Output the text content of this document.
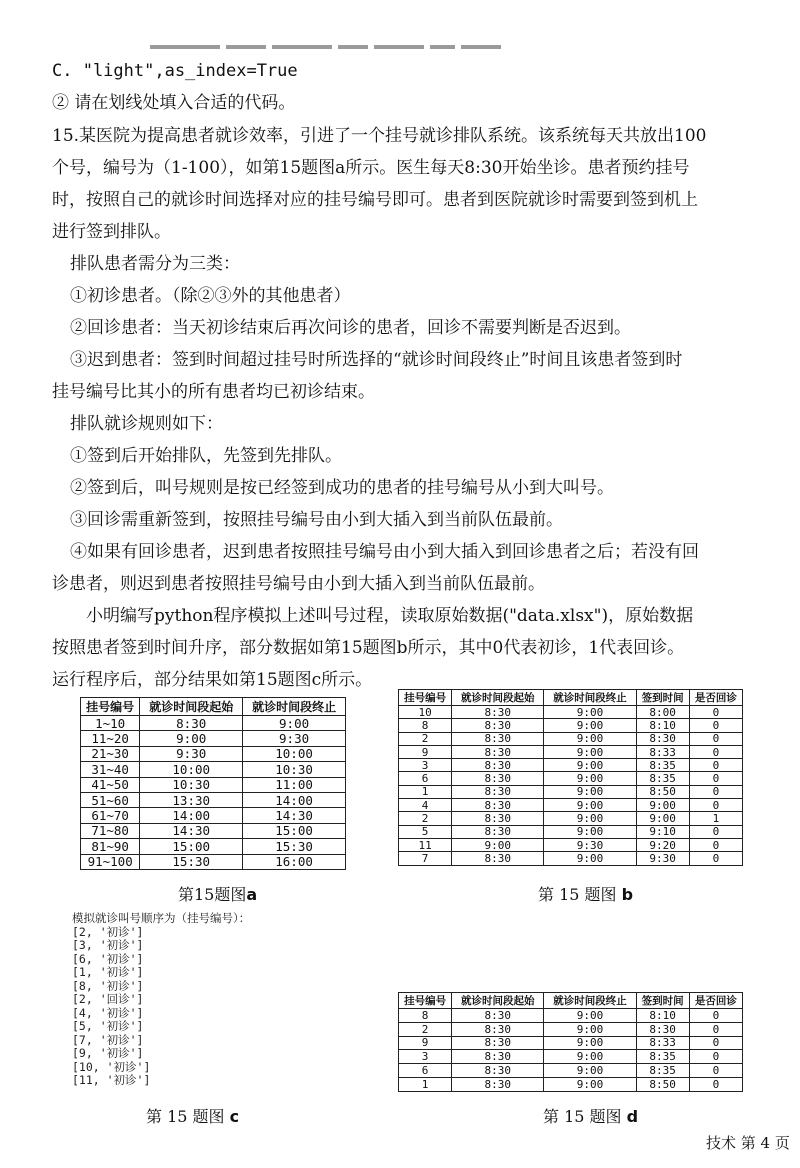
C. "light",as_index=True
② 请在划线处填入合适的代码。
15.某医院为提高患者就诊效率，引进了一个挂号就诊排队系统。该系统每天共放出100
个号，编号为（1-100），如第15题图a所示。医生每天8:30开始坐诊。患者预约挂号
时，按照自己的就诊时间选择对应的挂号编号即可。患者到医院就诊时需要到签到机上
进行签到排队。
排队患者需分为三类：
①初诊患者。（除②③外的其他患者）
②回诊患者：当天初诊结束后再次问诊的患者，回诊不需要判断是否迟到。
③迟到患者：签到时间超过挂号时所选择的“就诊时间段终止”时间且该患者签到时
挂号编号比其小的所有患者均已初诊结束。
排队就诊规则如下：
①签到后开始排队，先签到先排队。
②签到后，叫号规则是按已经签到成功的患者的挂号编号从小到大叫号。
③回诊需重新签到，按照挂号编号由小到大插入到当前队伍最前。
④如果有回诊患者，迟到患者按照挂号编号由小到大插入到回诊患者之后；若没有回
诊患者，则迟到患者按照挂号编号由小到大插入到当前队伍最前。
小明编写python程序模拟上述叫号过程，读取原始数据("data.xlsx")，原始数据
按照患者签到时间升序，部分数据如第15题图b所示，其中0代表初诊，1代表回诊。
运行程序后，部分结果如第15题图c所示。
挂号编号	就诊时间段起始	就诊时间段终止
1~10	8:30	9:00
11~20	9:00	9:30
21~30	9:30	10:00
31~40	10:00	10:30
41~50	10:30	11:00
51~60	13:30	14:00
61~70	14:00	14:30
71~80	14:30	15:00
81~90	15:00	15:30
91~100	15:30	16:00
挂号编号	就诊时间段起始	就诊时间段终止	签到时间	是否回诊
10	8:30	9:00	8:00	0
8	8:30	9:00	8:10	0
2	8:30	9:00	8:30	0
9	8:30	9:00	8:33	0
3	8:30	9:00	8:35	0
6	8:30	9:00	8:35	0
1	8:30	9:00	8:50	0
4	8:30	9:00	9:00	0
2	8:30	9:00	9:00	1
5	8:30	9:00	9:10	0
11	9:00	9:30	9:20	0
7	8:30	9:00	9:30	0
第15题图a	第 15 题图 b
模拟就诊叫号顺序为（挂号编号）：
[2, '初诊']
[3, '初诊']
[6, '初诊']
[1, '初诊']
[8, '初诊']
[2, '回诊']
[4, '初诊']
[5, '初诊']
[7, '初诊']
[9, '初诊']
[10, '初诊']
[11, '初诊']
挂号编号	就诊时间段起始	就诊时间段终止	签到时间	是否回诊
8	8:30	9:00	8:10	0
2	8:30	9:00	8:30	0
9	8:30	9:00	8:33	0
3	8:30	9:00	8:35	0
6	8:30	9:00	8:35	0
1	8:30	9:00	8:50	0
第 15 题图 c	第 15 题图 d
技术 第 4 页
